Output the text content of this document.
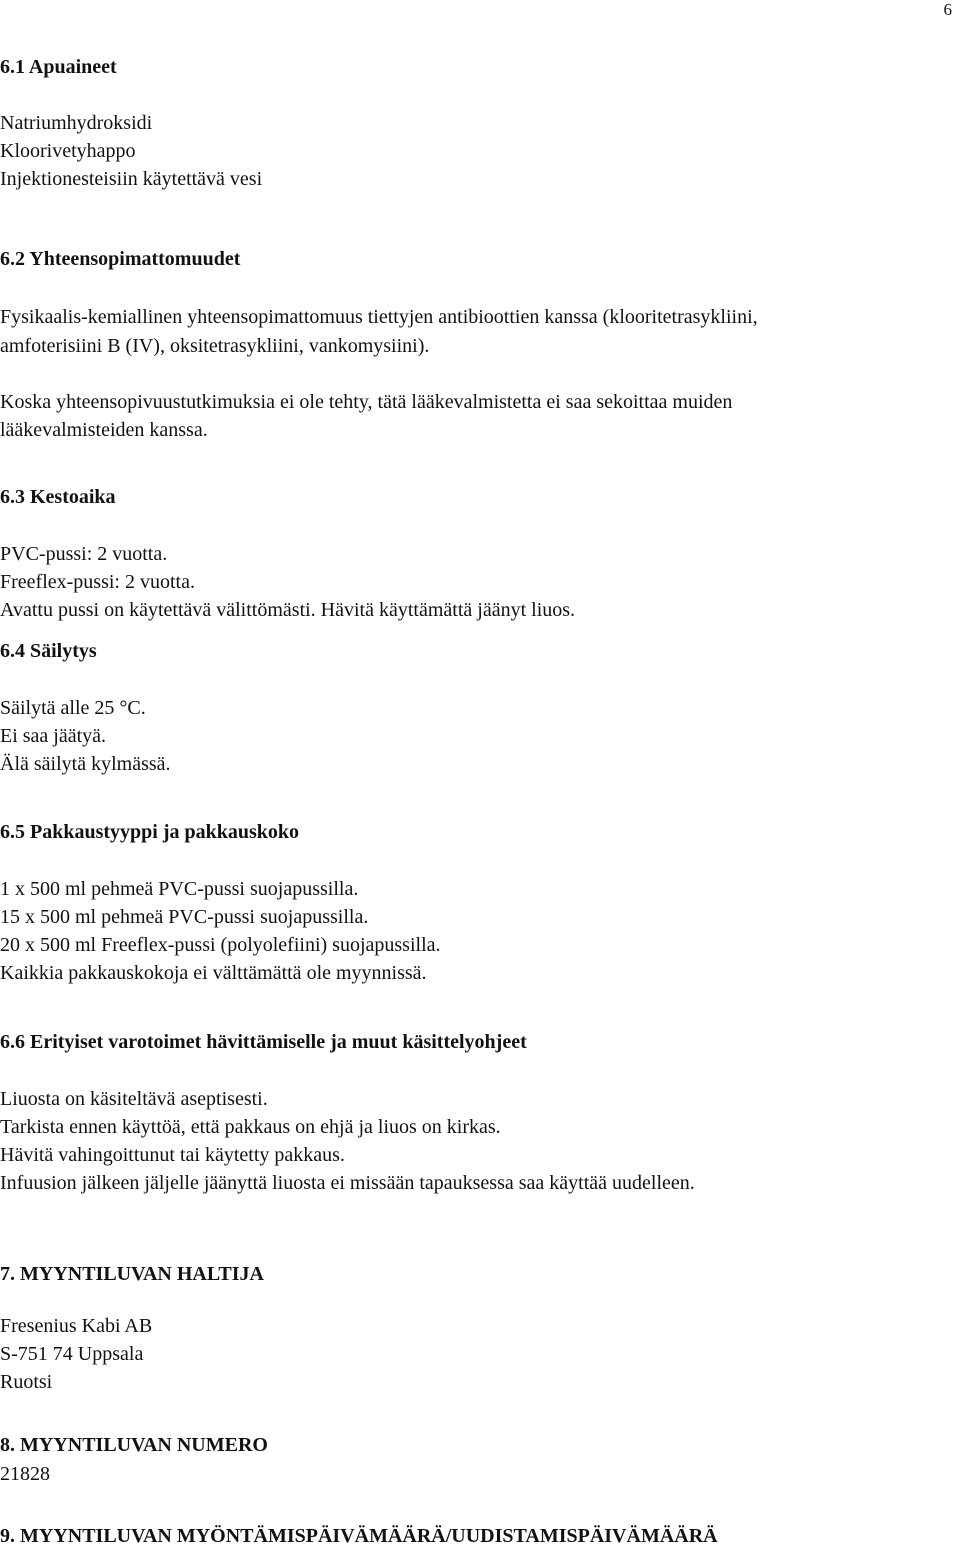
6
6.1 Apuaineet
Natriumhydroksidi
Kloorivetyhappo
Injektionesteisiin käytettävä vesi
6.2 Yhteensopimattomuudet
Fysikaalis-kemiallinen yhteensopimattomuus tiettyjen antibioottien kanssa (klooritetrasykliini,
amfoterisiini B (IV), oksitetrasykliini, vankomysiini).
Koska yhteensopivuustutkimuksia ei ole tehty, tätä lääkevalmistetta ei saa sekoittaa muiden
lääkevalmisteiden kanssa.
6.3 Kestoaika
PVC-pussi: 2 vuotta.
Freeflex-pussi: 2 vuotta.
Avattu pussi on käytettävä välittömästi. Hävitä käyttämättä jäänyt liuos.
6.4 Säilytys
Säilytä alle 25 °C.
Ei saa jäätyä.
Älä säilytä kylmässä.
6.5 Pakkaustyyppi ja pakkauskoko
1 x 500 ml pehmeä PVC-pussi suojapussilla.
15 x 500 ml pehmeä PVC-pussi suojapussilla.
20 x 500 ml Freeflex-pussi (polyolefiini) suojapussilla.
Kaikkia pakkauskokoja ei välttämättä ole myynnissä.
6.6 Erityiset varotoimet hävittämiselle ja muut käsittelyohjeet
Liuosta on käsiteltävä aseptisesti.
Tarkista ennen käyttöä, että pakkaus on ehjä ja liuos on kirkas.
Hävitä vahingoittunut tai käytetty pakkaus.
Infuusion jälkeen jäljelle jäänyttä liuosta ei missään tapauksessa saa käyttää uudelleen.
7. MYYNTILUVAN HALTIJA
Fresenius Kabi AB
S-751 74 Uppsala
Ruotsi
8. MYYNTILUVAN NUMERO
21828
9. MYYNTILUVAN MYÖNTÄMISPÄIVÄMÄÄRÄ/UUDISTAMISPÄIVÄMÄÄRÄ
